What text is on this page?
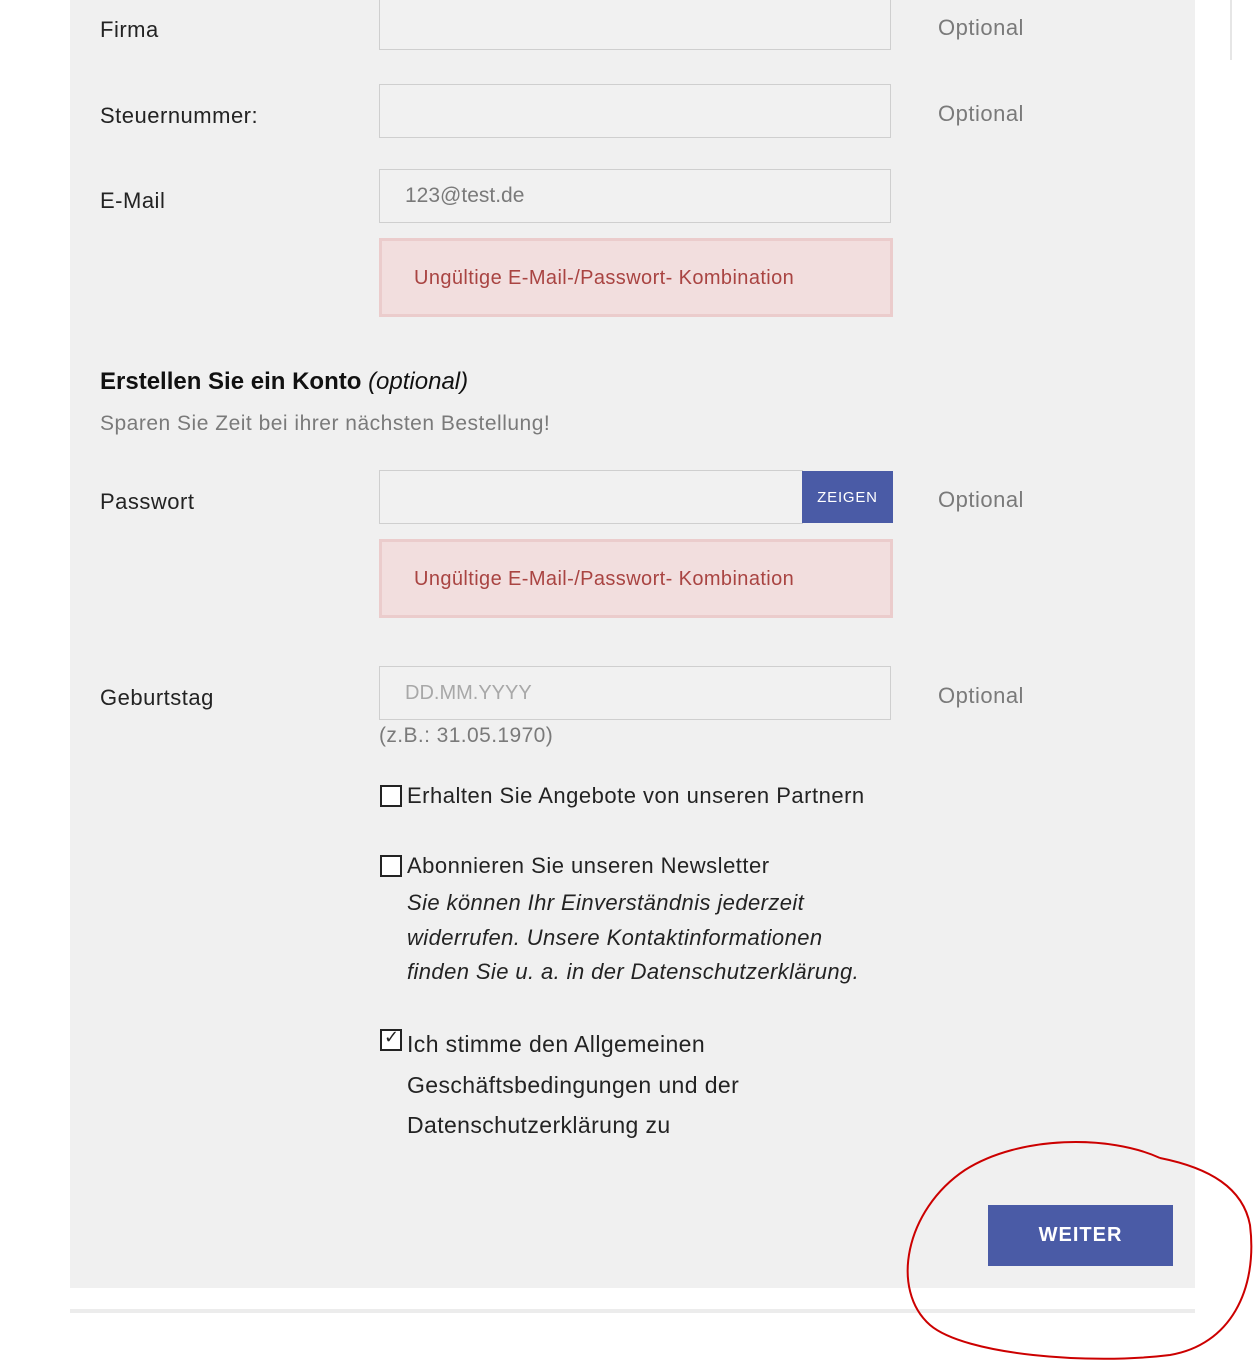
Firma	Optional
Steuernummer:	Optional
E-Mail	123@test.de
Ungültige E-Mail-/Passwort- Kombination
Erstellen Sie ein Konto (optional)
Sparen Sie Zeit bei ihrer nächsten Bestellung!
Passwort	ZEIGEN	Optional
Ungültige E-Mail-/Passwort- Kombination
Geburtstag	DD.MM.YYYY	Optional
(z.B.: 31.05.1970)
Erhalten Sie Angebote von unseren Partnern
Abonnieren Sie unseren Newsletter
Sie können Ihr Einverständnis jederzeit widerrufen. Unsere Kontaktinformationen finden Sie u. a. in der Datenschutzerklärung.
✓ Ich stimme den Allgemeinen Geschäftsbedingungen und der Datenschutzerklärung zu
WEITER
